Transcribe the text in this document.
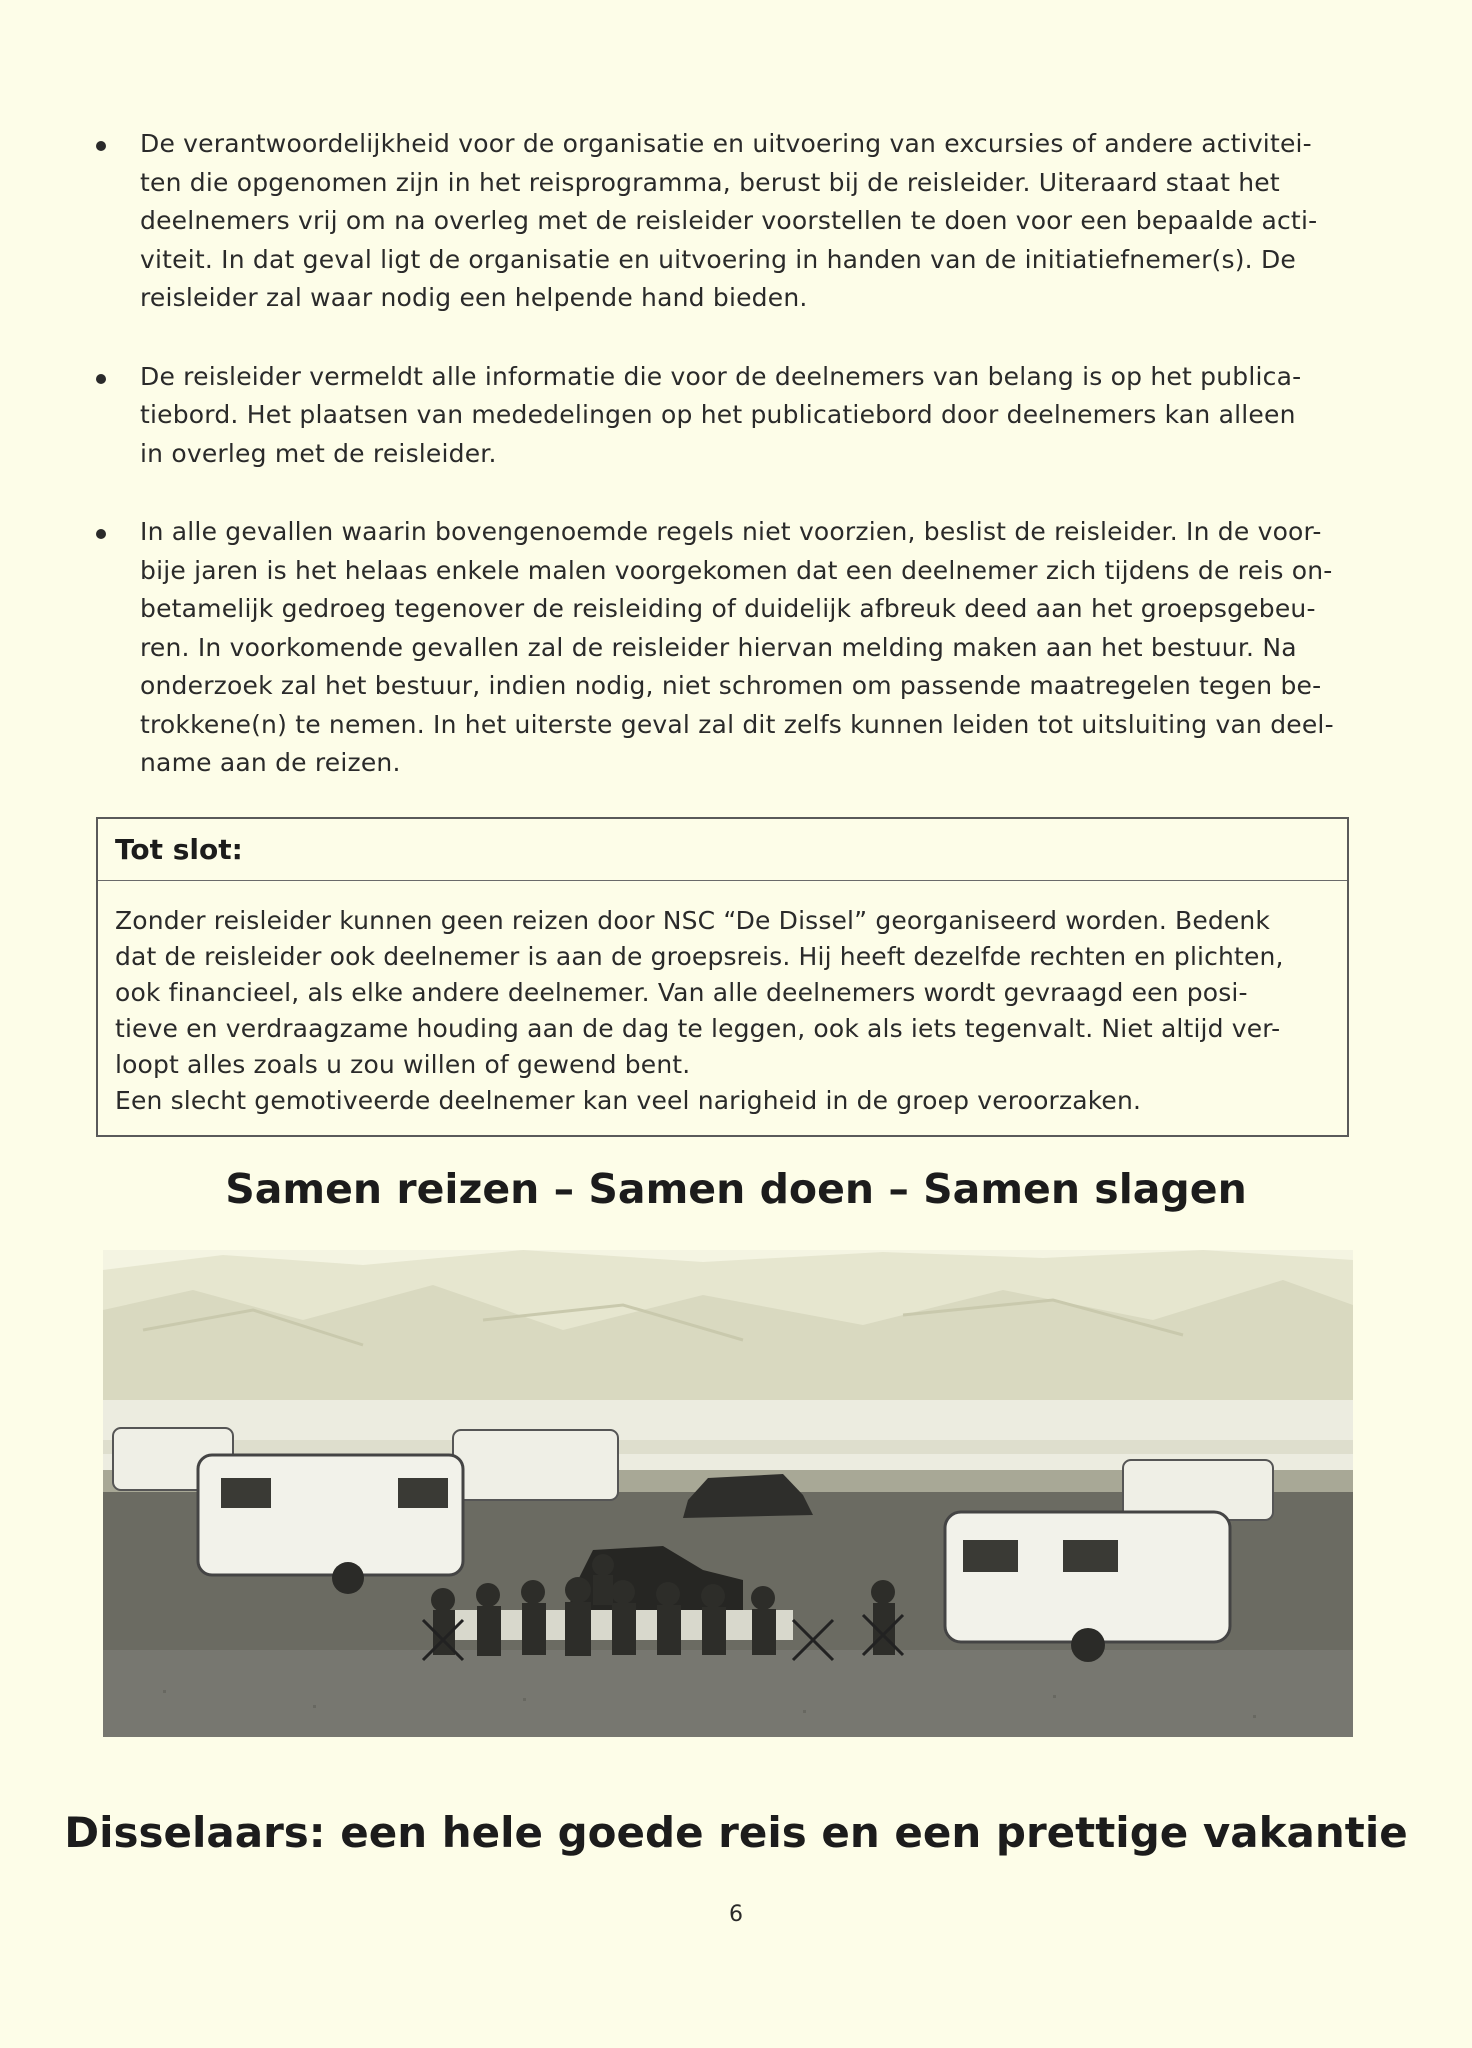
De verantwoordelijkheid voor de organisatie en uitvoering van excursies of andere activitei-
ten die opgenomen zijn in het reisprogramma, berust bij de reisleider. Uiteraard staat het
deelnemers vrij om na overleg met de reisleider voorstellen te doen voor een bepaalde acti-
viteit. In dat geval ligt de organisatie en uitvoering in handen van de initiatiefnemer(s). De
reisleider zal waar nodig een helpende hand bieden.

De reisleider vermeldt alle informatie die voor de deelnemers van belang is op het publica-
tiebord. Het plaatsen van mededelingen op het publicatiebord door deelnemers kan alleen
in overleg met de reisleider.

In alle gevallen waarin bovengenoemde regels niet voorzien, beslist de reisleider. In de voor-
bije jaren is het helaas enkele malen voorgekomen dat een deelnemer zich tijdens de reis on-
betamelijk gedroeg tegenover de reisleiding of duidelijk afbreuk deed aan het groepsgebeu-
ren. In voorkomende gevallen zal de reisleider hiervan melding maken aan het bestuur. Na
onderzoek zal het bestuur, indien nodig, niet schromen om passende maatregelen tegen be-
trokkene(n) te nemen. In het uiterste geval zal dit zelfs kunnen leiden tot uitsluiting van deel-
name aan de reizen.

Tot slot:

Zonder reisleider kunnen geen reizen door NSC “De Dissel” georganiseerd worden. Bedenk
dat de reisleider ook deelnemer is aan de groepsreis. Hij heeft dezelfde rechten en plichten,
ook financieel, als elke andere deelnemer. Van alle deelnemers wordt gevraagd een posi-
tieve en verdraagzame houding aan de dag te leggen, ook als iets tegenvalt. Niet altijd ver-
loopt alles zoals u zou willen of gewend bent.
Een slecht gemotiveerde deelnemer kan veel narigheid in de groep veroorzaken.

Samen reizen – Samen doen – Samen slagen
Disselaars: een hele goede reis en een prettige vakantie
6
